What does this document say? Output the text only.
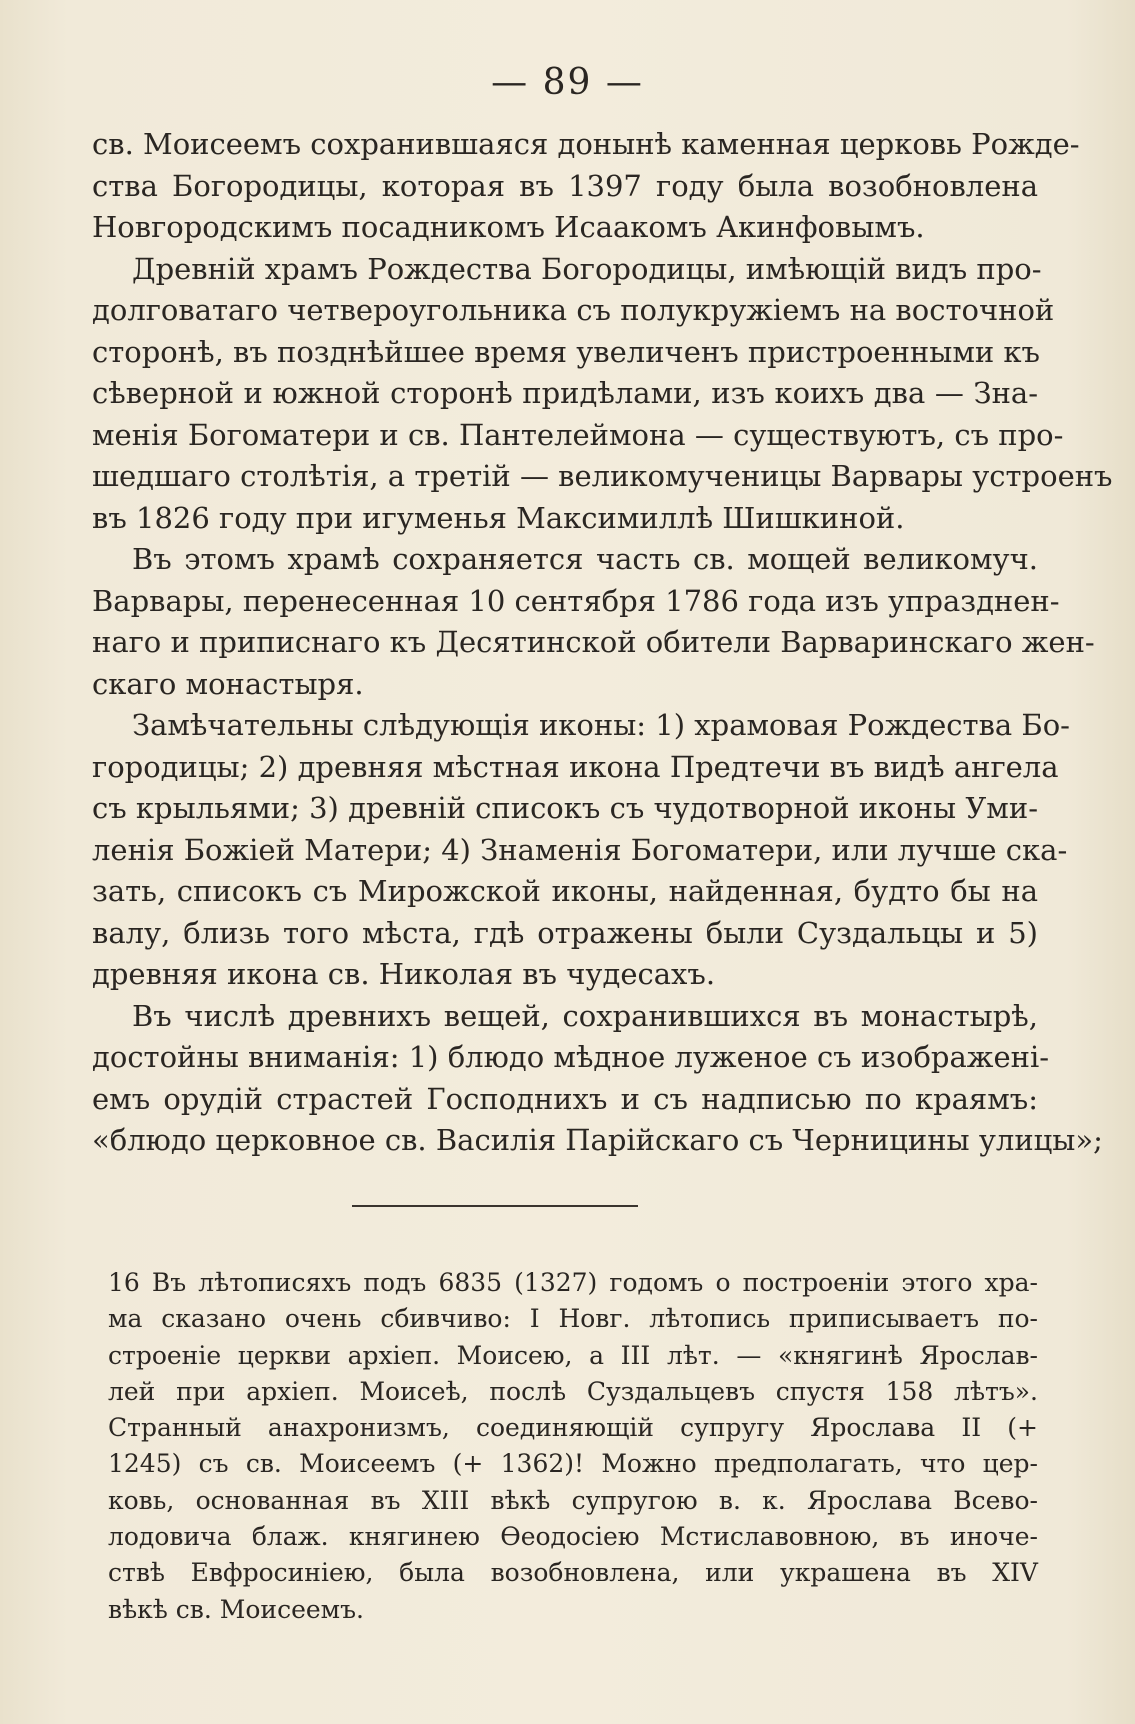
— 89 —
св. Моисеемъ сохранившаяся донынѣ каменная церковь Рожде-
ства Богородицы, которая въ 1397 году была возобновлена
Новгородскимъ посадникомъ Исаакомъ Акинфовымъ.
Древній храмъ Рождества Богородицы, имѣющій видъ про-
долговатаго четвероугольника съ полукружіемъ на восточной
сторонѣ, въ позднѣйшее время увеличенъ пристроенными къ
сѣверной и южной сторонѣ придѣлами, изъ коихъ два — Зна-
менія Богоматери и св. Пантелеймона — существуютъ, съ про-
шедшаго столѣтія, а третій — великомученицы Варвары устроенъ
въ 1826 году при игуменья Максимиллѣ Шишкиной.
Въ этомъ храмѣ сохраняется часть св. мощей великомуч.
Варвары, перенесенная 10 сентября 1786 года изъ упразднен-
наго и приписнаго къ Десятинской обители Варваринскаго жен-
скаго монастыря.
Замѣчательны слѣдующія иконы: 1) храмовая Рождества Бо-
городицы; 2) древняя мѣстная икона Предтечи въ видѣ ангела
съ крыльями; 3) древній списокъ съ чудотворной иконы Уми-
ленія Божіей Матери; 4) Знаменія Богоматери, или лучше ска-
зать, списокъ съ Мирожской иконы, найденная, будто бы на
валу, близь того мѣста, гдѣ отражены были Суздальцы и 5)
древняя икона св. Николая въ чудесахъ.
Въ числѣ древнихъ вещей, сохранившихся въ монастырѣ,
достойны вниманія: 1) блюдо мѣдное луженое съ изображені-
емъ орудій страстей Господнихъ и съ надписью по краямъ:
«блюдо церковное св. Василія Парійскаго съ Черницины улицы»;
16 Въ лѣтописяхъ подъ 6835 (1327) годомъ о построеніи этого хра-
ма сказано очень сбивчиво: I Новг. лѣтопись приписываетъ по-
строеніе церкви архіеп. Моисею, а III лѣт. — «княгинѣ Ярослав-
лей при архіеп. Моисеѣ, послѣ Суздальцевъ спустя 158 лѣтъ».
Странный анахронизмъ, соединяющій супругу Ярослава II (+
1245) съ св. Моисеемъ (+ 1362)! Можно предполагать, что цер-
ковь, основанная въ XIII вѣкѣ супругою в. к. Ярослава Всево-
лодовича блаж. княгинею Ѳеодосіею Мстиславовною, въ иноче-
ствѣ Евфросиніею, была возобновлена, или украшена въ XIV
вѣкѣ св. Моисеемъ.
